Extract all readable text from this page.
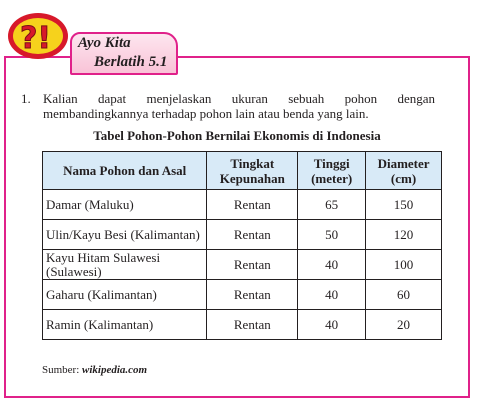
?! Ayo Kita
Berlatih 5.1
1. Kalian dapat menjelaskan ukuran sebuah pohon dengan
membandingkannya terhadap pohon lain atau benda yang lain.
Tabel Pohon-Pohon Bernilai Ekonomis di Indonesia
Nama Pohon dan Asal	Tingkat Kepunahan	Tinggi (meter)	Diameter (cm)
Damar (Maluku)	Rentan	65	150
Ulin/Kayu Besi (Kalimantan)	Rentan	50	120
Kayu Hitam Sulawesi (Sulawesi)	Rentan	40	100
Gaharu (Kalimantan)	Rentan	40	60
Ramin (Kalimantan)	Rentan	40	20
Sumber: wikipedia.com
